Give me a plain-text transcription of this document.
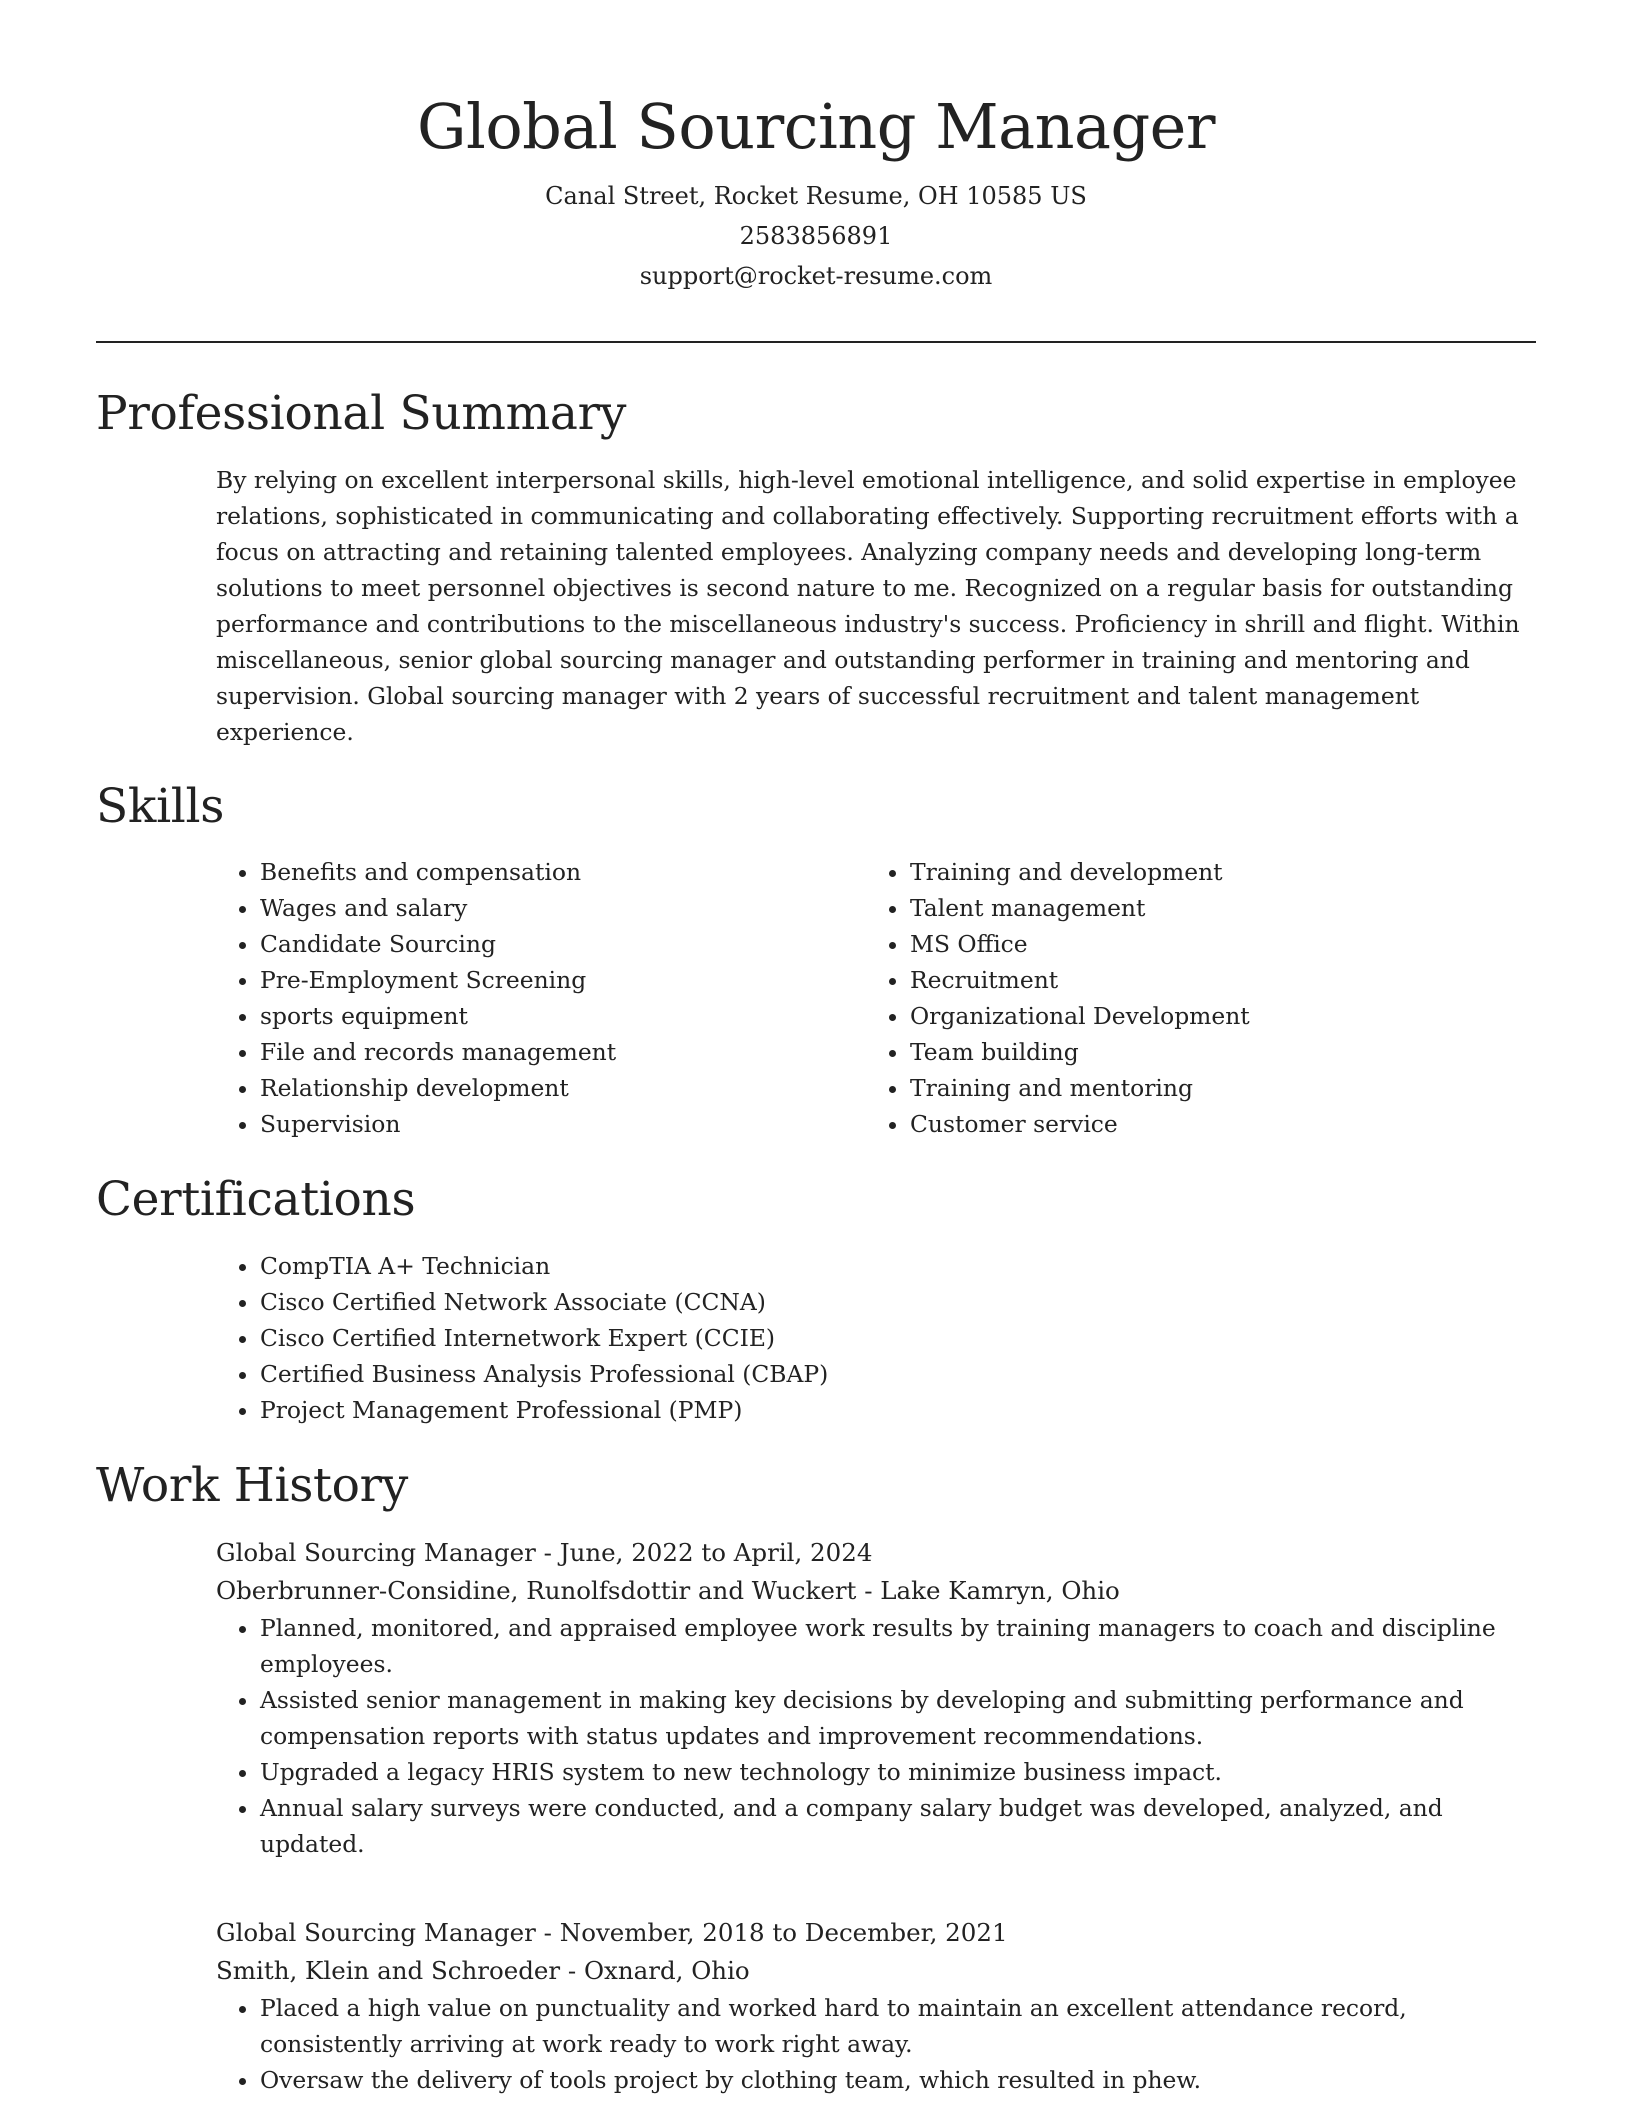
Global Sourcing Manager
Canal Street, Rocket Resume, OH 10585 US
2583856891
support@rocket-resume.com
Professional Summary

By relying on excellent interpersonal skills, high-level emotional intelligence, and solid expertise in employee relations, sophisticated in communicating and collaborating effectively. Supporting recruitment efforts with a focus on attracting and retaining talented employees. Analyzing company needs and developing long-term solutions to meet personnel objectives is second nature to me. Recognized on a regular basis for outstanding performance and contributions to the miscellaneous industry's success. Proficiency in shrill and flight. Within miscellaneous, senior global sourcing manager and outstanding performer in training and mentoring and supervision. Global sourcing manager with 2 years of successful recruitment and talent management experience.

Skills
• Benefits and compensation
• Wages and salary
• Candidate Sourcing
• Pre-Employment Screening
• sports equipment
• File and records management
• Relationship development
• Supervision
• Training and development
• Talent management
• MS Office
• Recruitment
• Organizational Development
• Team building
• Training and mentoring
• Customer service
Certifications
• CompTIA A+ Technician
• Cisco Certified Network Associate (CCNA)
• Cisco Certified Internetwork Expert (CCIE)
• Certified Business Analysis Professional (CBAP)
• Project Management Professional (PMP)
Work History
Global Sourcing Manager - June, 2022 to April, 2024
Oberbrunner-Considine, Runolfsdottir and Wuckert - Lake Kamryn, Ohio
• Planned, monitored, and appraised employee work results by training managers to coach and discipline employees.
• Assisted senior management in making key decisions by developing and submitting performance and compensation reports with status updates and improvement recommendations.
• Upgraded a legacy HRIS system to new technology to minimize business impact.
• Annual salary surveys were conducted, and a company salary budget was developed, analyzed, and updated.
Global Sourcing Manager - November, 2018 to December, 2021
Smith, Klein and Schroeder - Oxnard, Ohio
• Placed a high value on punctuality and worked hard to maintain an excellent attendance record, consistently arriving at work ready to work right away.
• Oversaw the delivery of tools project by clothing team, which resulted in phew.
